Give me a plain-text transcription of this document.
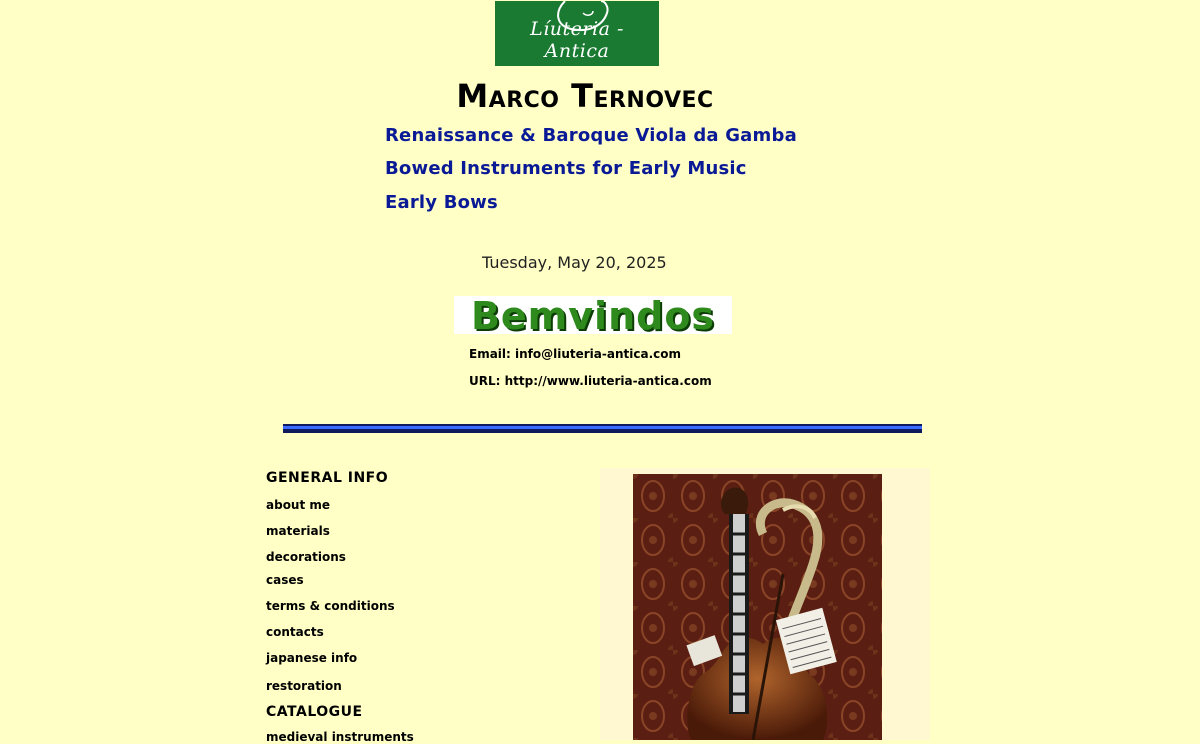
Líuteria - Antica
Marco Ternovec
Renaissance & Baroque Viola da Gamba
Bowed Instruments for Early Music
Early Bows
Tuesday, May 20, 2025
Bemvindos
Email: info@liuteria-antica.com
URL: http://www.liuteria-antica.com
GENERAL INFO
about me
materials
decorations
cases
terms & conditions
contacts
japanese info
restoration
CATALOGUE
medieval instruments
